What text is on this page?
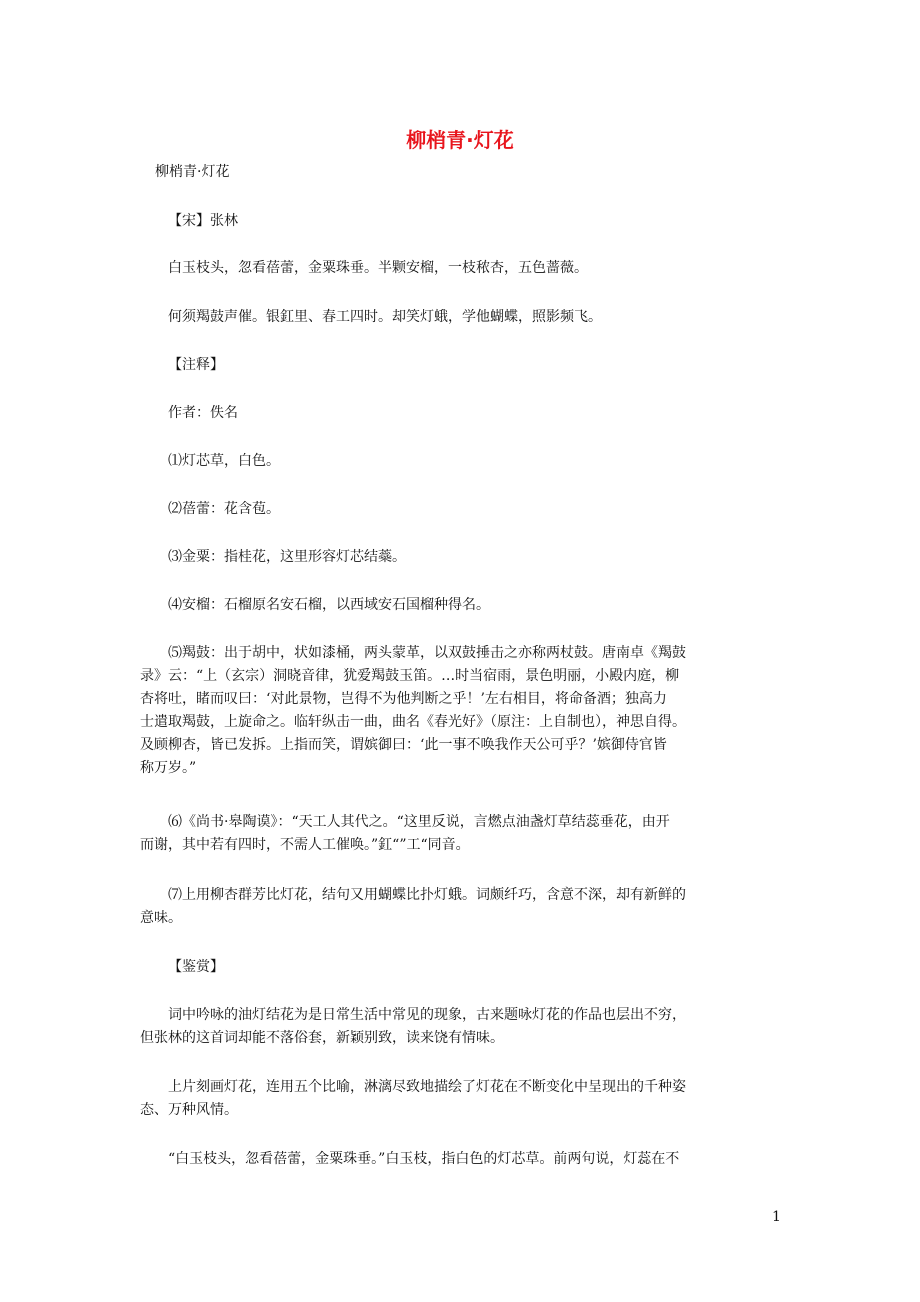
柳梢青·灯花
柳梢青·灯花
【宋】张林
白玉枝头，忽看蓓蕾，金粟珠垂。半颗安榴，一枝秾杏，五色蔷薇。
何须羯鼓声催。银釭里、春工四时。却笑灯蛾，学他蝴蝶，照影频飞。
【注释】
作者：佚名
⑴灯芯草，白色。
⑵蓓蕾：花含苞。
⑶金粟：指桂花，这里形容灯芯结蘂。
⑷安榴：石榴原名安石榴，以西域安石国榴种得名。
⑸羯鼓：出于胡中，状如漆桶，两头蒙革，以双鼓捶击之亦称两杖鼓。唐南卓《羯鼓
录》云：“上（玄宗）洞晓音律，犹爱羯鼓玉笛。…时当宿雨，景色明丽，小殿内庭，柳
杏将吐，睹而叹曰：‘对此景物，岂得不为他判断之乎！’左右相目，将命备酒；独高力
士遣取羯鼓，上旋命之。临轩纵击一曲，曲名《春光好》（原注：上自制也），神思自得。
及顾柳杏，皆已发拆。上指而笑，谓嫔御曰：‘此一事不唤我作天公可乎？’嫔御侍官皆
称万岁。”
⑹《尚书·皋陶谟》：“天工人其代之。“这里反说，言燃点油盏灯草结蕊垂花，由开
而谢，其中若有四时，不需人工催唤。”釭“”工“同音。
⑺上用柳杏群芳比灯花，结句又用蝴蝶比扑灯蛾。词颇纤巧，含意不深，却有新鲜的
意味。
【鉴赏】
词中吟咏的油灯结花为是日常生活中常见的现象，古来题咏灯花的作品也层出不穷，
但张林的这首词却能不落俗套，新颖别致，读来饶有情味。
上片刻画灯花，连用五个比喻，淋漓尽致地描绘了灯花在不断变化中呈现出的千种姿
态、万种风情。
“白玉枝头，忽看蓓蕾，金粟珠垂。”白玉枝，指白色的灯芯草。前两句说，灯蕊在不
1
